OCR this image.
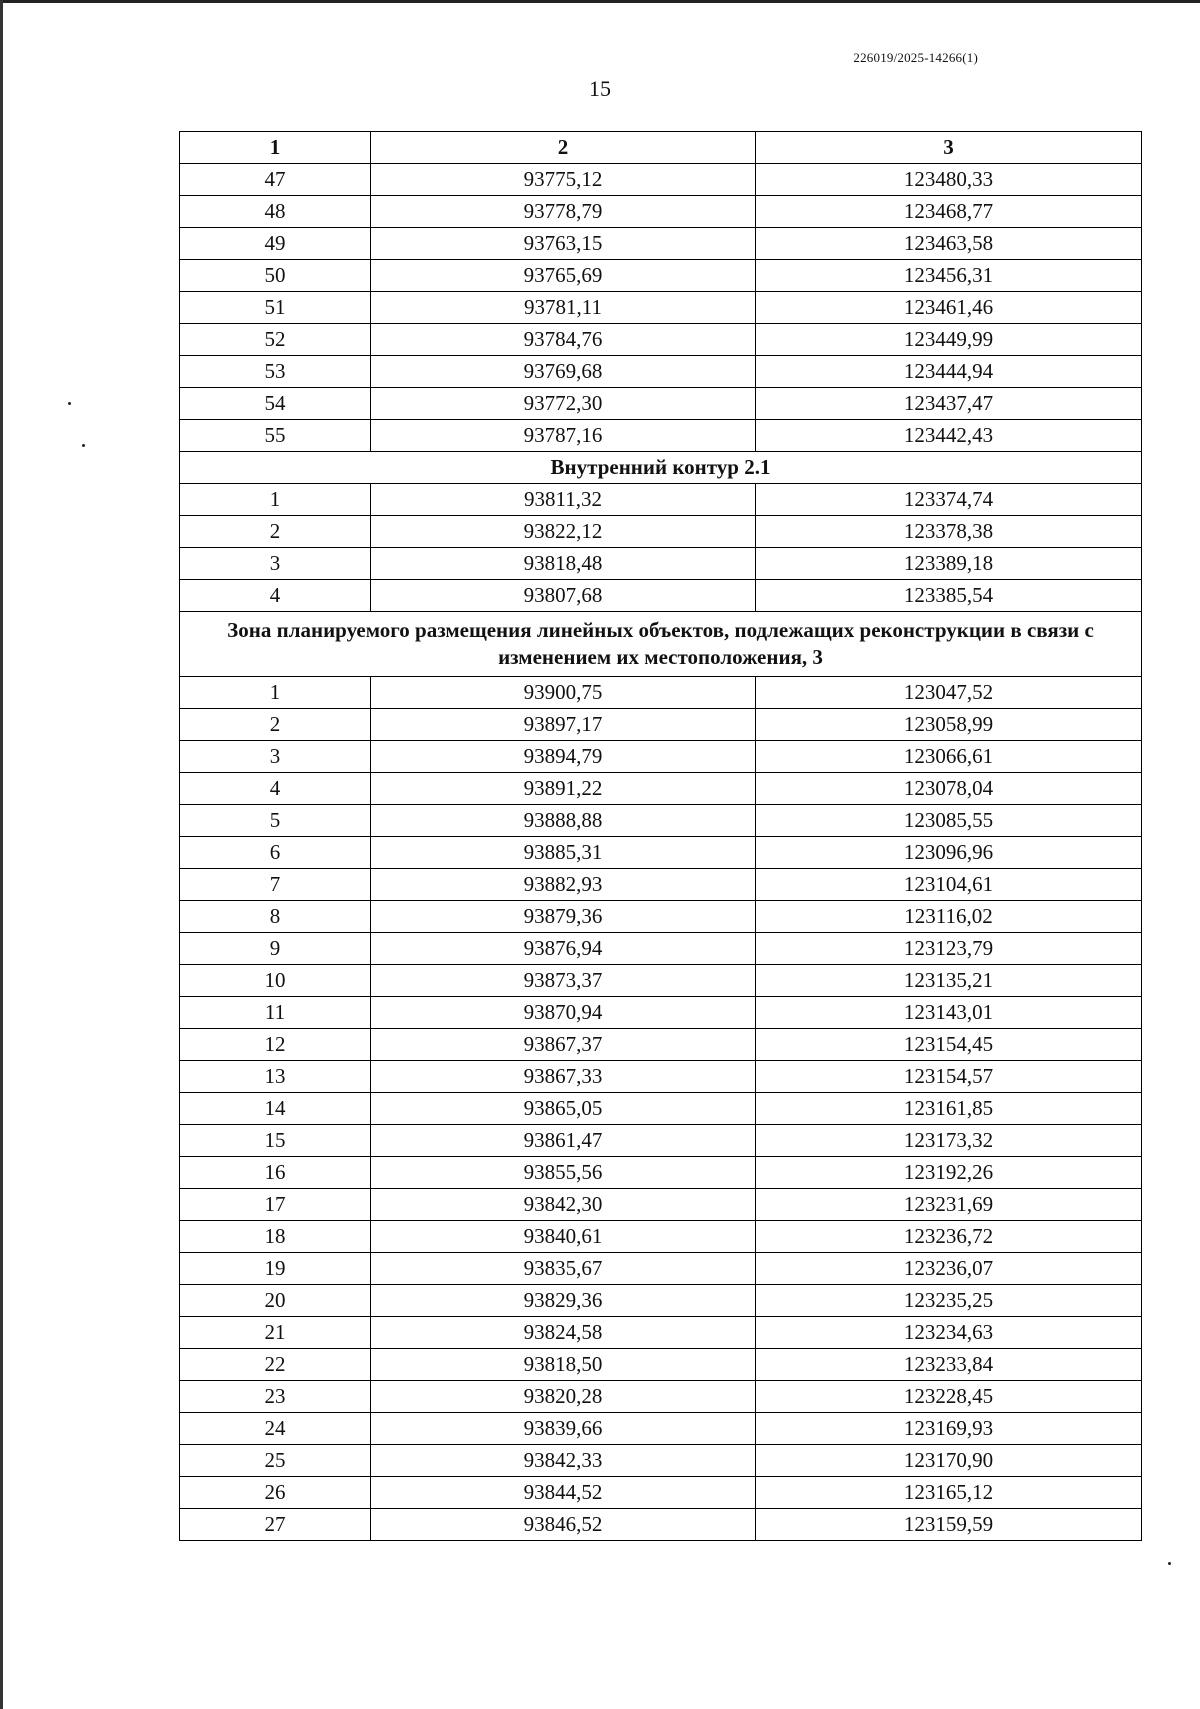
226019/2025-14266(1)
15
1	2	3
47	93775,12	123480,33
48	93778,79	123468,77
49	93763,15	123463,58
50	93765,69	123456,31
51	93781,11	123461,46
52	93784,76	123449,99
53	93769,68	123444,94
54	93772,30	123437,47
55	93787,16	123442,43
Внутренний контур 2.1		
1	93811,32	123374,74
2	93822,12	123378,38
3	93818,48	123389,18
4	93807,68	123385,54
Зона планируемого размещения линейных объектов, подлежащих реконструкции в связи с изменением их местоположения, 3		
1	93900,75	123047,52
2	93897,17	123058,99
3	93894,79	123066,61
4	93891,22	123078,04
5	93888,88	123085,55
6	93885,31	123096,96
7	93882,93	123104,61
8	93879,36	123116,02
9	93876,94	123123,79
10	93873,37	123135,21
11	93870,94	123143,01
12	93867,37	123154,45
13	93867,33	123154,57
14	93865,05	123161,85
15	93861,47	123173,32
16	93855,56	123192,26
17	93842,30	123231,69
18	93840,61	123236,72
19	93835,67	123236,07
20	93829,36	123235,25
21	93824,58	123234,63
22	93818,50	123233,84
23	93820,28	123228,45
24	93839,66	123169,93
25	93842,33	123170,90
26	93844,52	123165,12
27	93846,52	123159,59
